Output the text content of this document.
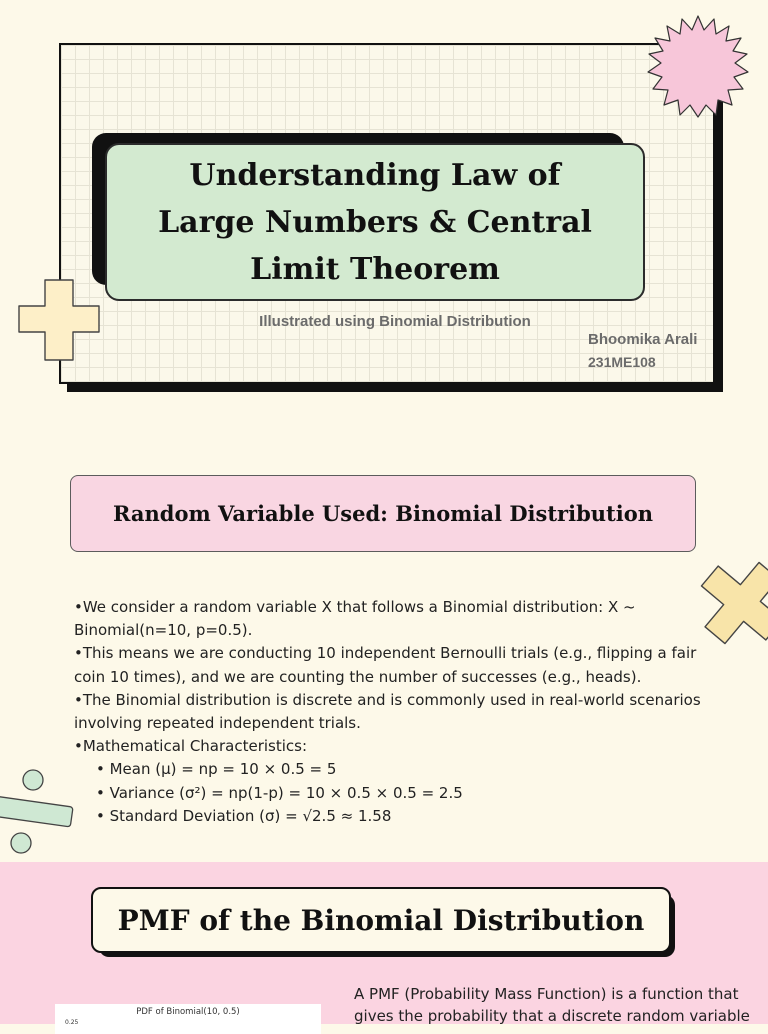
Understanding Law of Large Numbers & Central Limit Theorem
Illustrated using Binomial Distribution
Bhoomika Arali
231ME108
Random Variable Used: Binomial Distribution

•We consider a random variable X that follows a Binomial distribution: X ~ Binomial(n=10, p=0.5).

•This means we are conducting 10 independent Bernoulli trials (e.g., flipping a fair coin 10 times), and we are counting the number of successes (e.g., heads).

•The Binomial distribution is discrete and is commonly used in real-world scenarios involving repeated independent trials.

•Mathematical Characteristics:

• Mean (μ) = np = 10 × 0.5 = 5

• Variance (σ²) = np(1-p) = 10 × 0.5 × 0.5 = 2.5

• Standard Deviation (σ) = √2.5 ≈ 1.58

PMF of the Binomial Distribution
PDF of Binomial(10, 0.5)
0.25
A PMF (Probability Mass Function) is a function that gives the probability that a discrete random variable
